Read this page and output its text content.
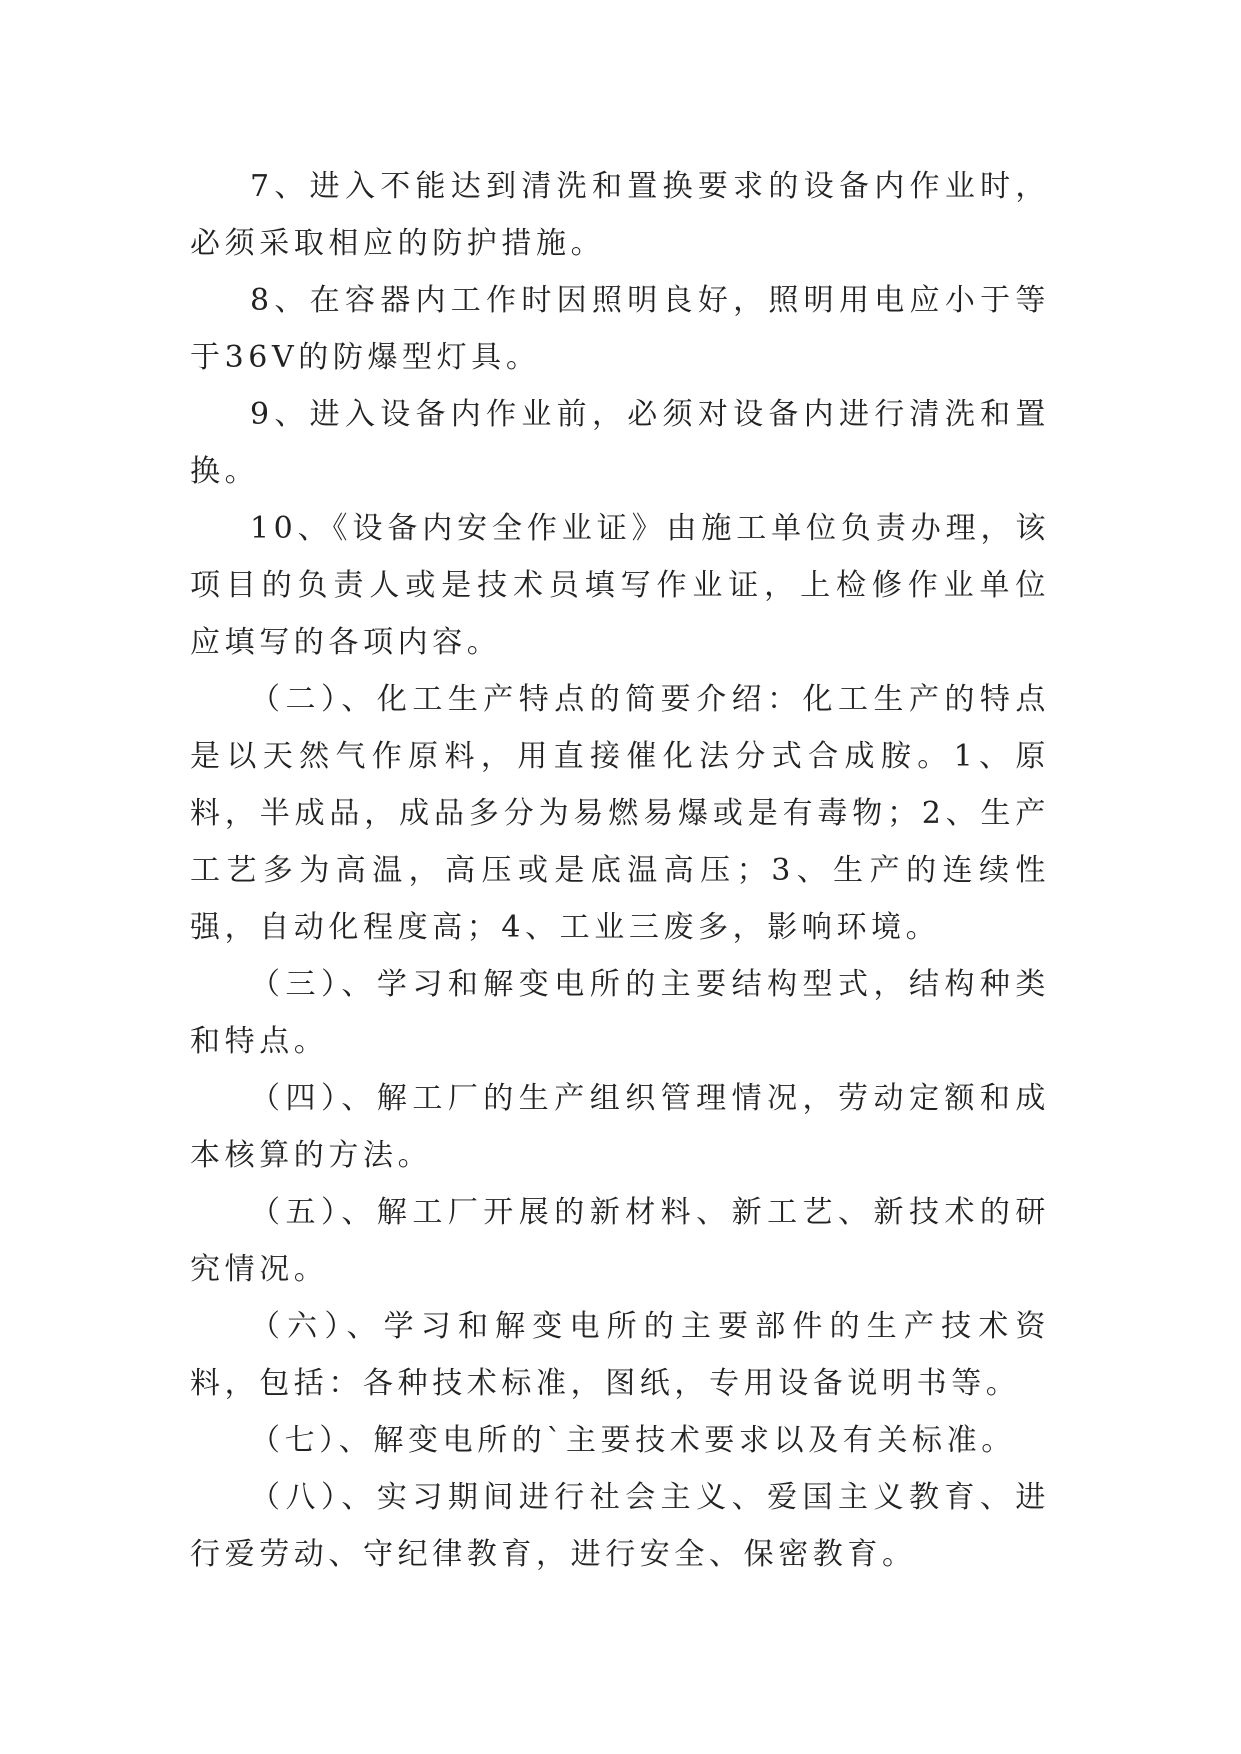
7、进入不能达到清洗和置换要求的设备内作业时，必须采取相应的防护措施。

8、在容器内工作时因照明良好，照明用电应小于等于36V的防爆型灯具。

9、进入设备内作业前，必须对设备内进行清洗和置换。

10、《设备内安全作业证》由施工单位负责办理，该项目的负责人或是技术员填写作业证，上检修作业单位应填写的各项内容。

（二）、化工生产特点的简要介绍：化工生产的特点是以天然气作原料，用直接催化法分式合成胺。1、原料，半成品，成品多分为易燃易爆或是有毒物；2、生产工艺多为高温，高压或是底温高压；3、生产的连续性强，自动化程度高；4、工业三废多，影响环境。

（三）、学习和解变电所的主要结构型式，结构种类和特点。

（四）、解工厂的生产组织管理情况，劳动定额和成本核算的方法。

（五）、解工厂开展的新材料、新工艺、新技术的研究情况。

（六）、学习和解变电所的主要部件的生产技术资料，包括：各种技术标准，图纸，专用设备说明书等。

（七）、解变电所的`主要技术要求以及有关标准。

（八）、实习期间进行社会主义、爱国主义教育、进行爱劳动、守纪律教育，进行安全、保密教育。
